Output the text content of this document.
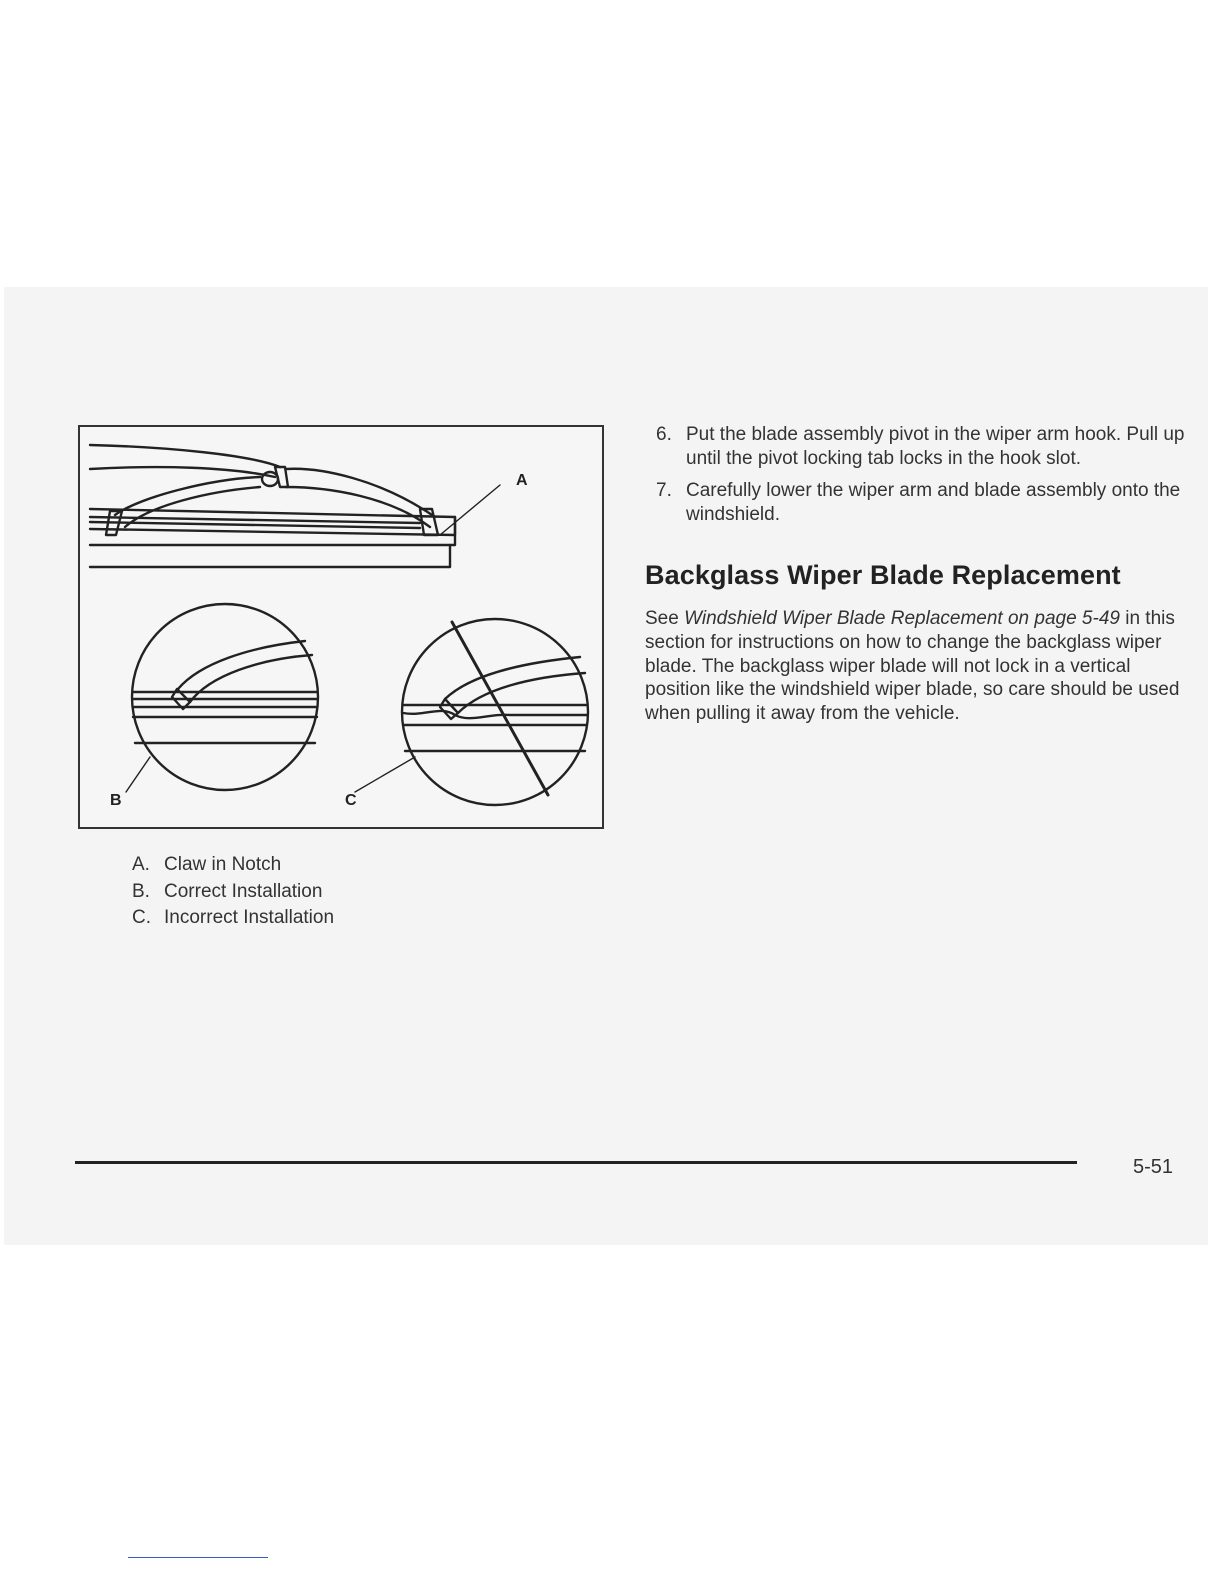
A
B	C
A. Claw in Notch
B. Correct Installation
C. Incorrect Installation
6. Put the blade assembly pivot in the wiper arm hook. Pull up until the pivot locking tab locks in the hook slot.
7. Carefully lower the wiper arm and blade assembly onto the windshield.
Backglass Wiper Blade Replacement

See Windshield Wiper Blade Replacement on page 5-49 in this section for instructions on how to change the backglass wiper blade. The backglass wiper blade will not lock in a vertical position like the windshield wiper blade, so care should be used when pulling it away from the vehicle.

5-51
